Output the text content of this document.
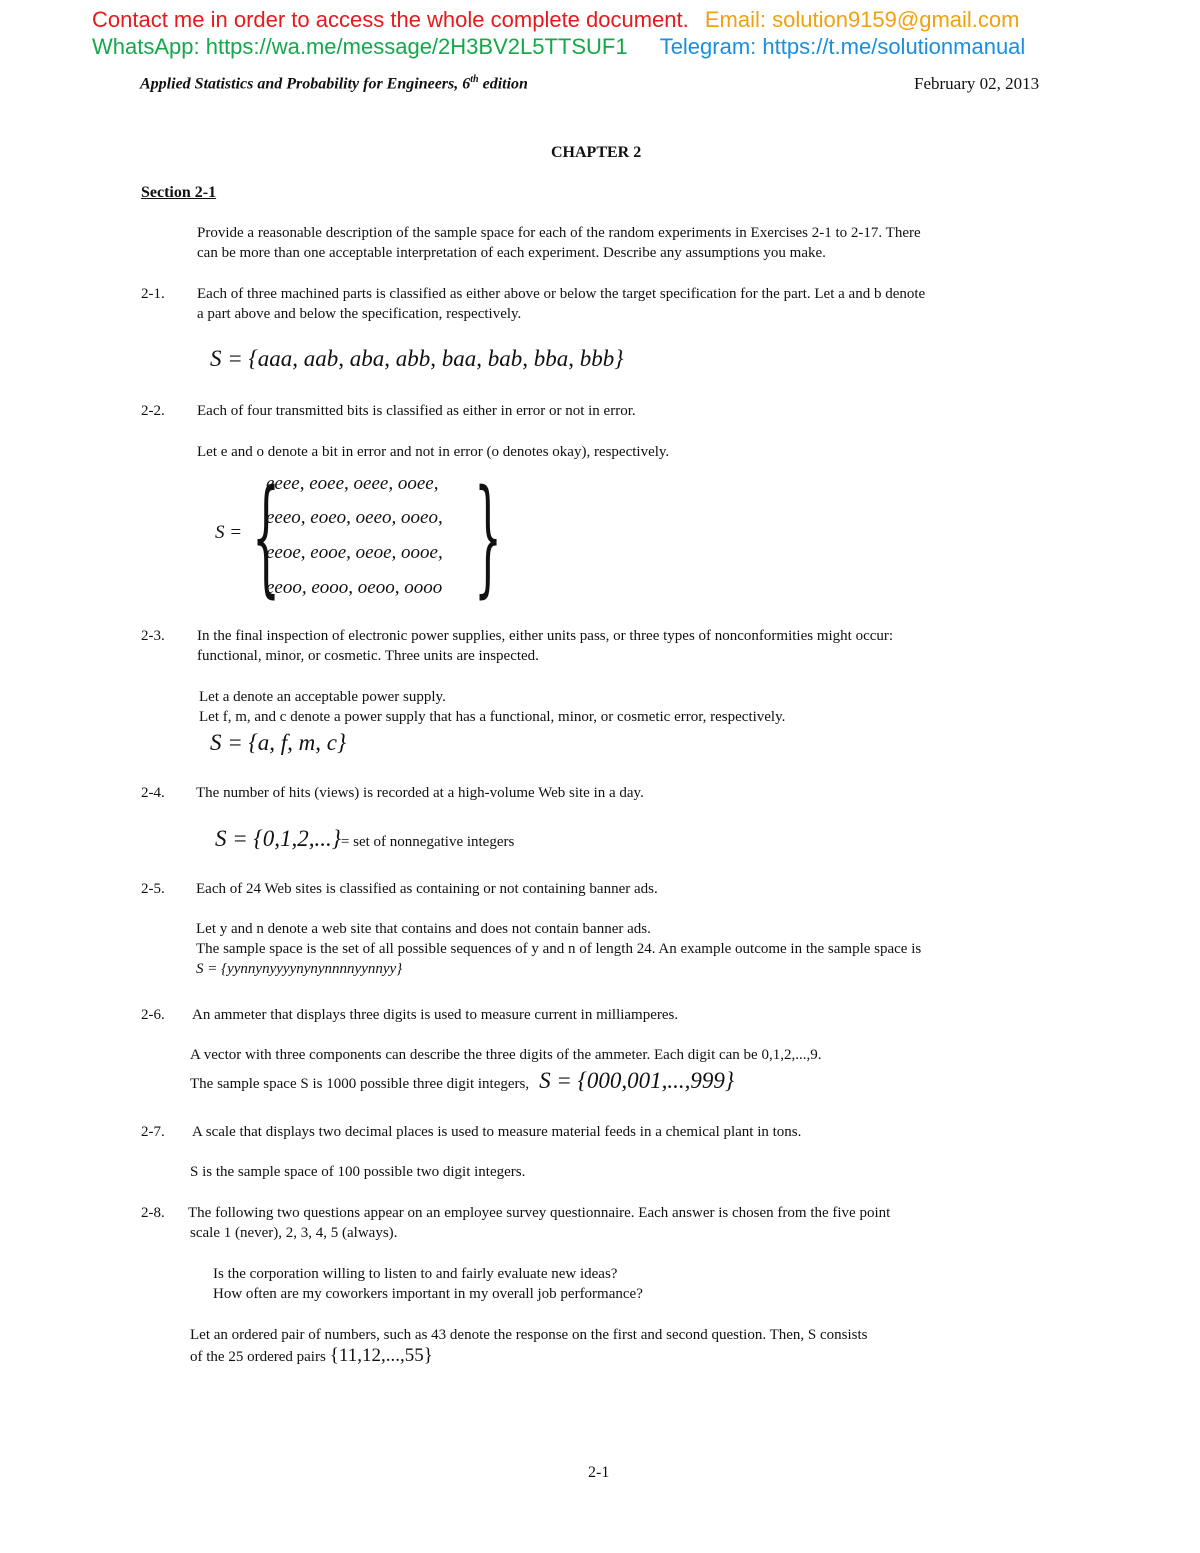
Contact me in order to access the whole complete document. Email: solution9159@gmail.com
WhatsApp: https://wa.me/message/2H3BV2L5TTSUF1 Telegram: https://t.me/solutionmanual
Applied Statistics and Probability for Engineers, 6th edition	February 02, 2013
CHAPTER 2
Section 2-1
Provide a reasonable description of the sample space for each of the random experiments in Exercises 2-1 to 2-17. There
can be more than one acceptable interpretation of each experiment. Describe any assumptions you make.
2-1. Each of three machined parts is classified as either above or below the target specification for the part. Let a and b denote
a part above and below the specification, respectively.
S = {aaa, aab, aba, abb, baa, bab, bba, bbb}
2-2. Each of four transmitted bits is classified as either in error or not in error.
Let e and o denote a bit in error and not in error (o denotes okay), respectively.
S = { }
eeee, eoee, oeee, ooee,
eeeo, eoeo, oeeo, ooeo,
eeoe, eooe, oeoe, oooe,
eeoo, eooo, oeoo, oooo
2-3. In the final inspection of electronic power supplies, either units pass, or three types of nonconformities might occur:
functional, minor, or cosmetic. Three units are inspected.
Let a denote an acceptable power supply.
Let f, m, and c denote a power supply that has a functional, minor, or cosmetic error, respectively.
S = {a, f, m, c}
2-4. The number of hits (views) is recorded at a high-volume Web site in a day.
S = {0,1,2,...}= set of nonnegative integers
2-5. Each of 24 Web sites is classified as containing or not containing banner ads.
Let y and n denote a web site that contains and does not contain banner ads.
The sample space is the set of all possible sequences of y and n of length 24. An example outcome in the sample space is
S = {yynnynyyyynynynnnnyynnyy}
2-6. An ammeter that displays three digits is used to measure current in milliamperes.
A vector with three components can describe the three digits of the ammeter. Each digit can be 0,1,2,...,9.
The sample space S is 1000 possible three digit integers, S = {000,001,...,999}
2-7. A scale that displays two decimal places is used to measure material feeds in a chemical plant in tons.
S is the sample space of 100 possible two digit integers.
2-8. The following two questions appear on an employee survey questionnaire. Each answer is chosen from the five point
scale 1 (never), 2, 3, 4, 5 (always).
Is the corporation willing to listen to and fairly evaluate new ideas?
How often are my coworkers important in my overall job performance?
Let an ordered pair of numbers, such as 43 denote the response on the first and second question. Then, S consists
of the 25 ordered pairs {11,12,...,55}
2-1
